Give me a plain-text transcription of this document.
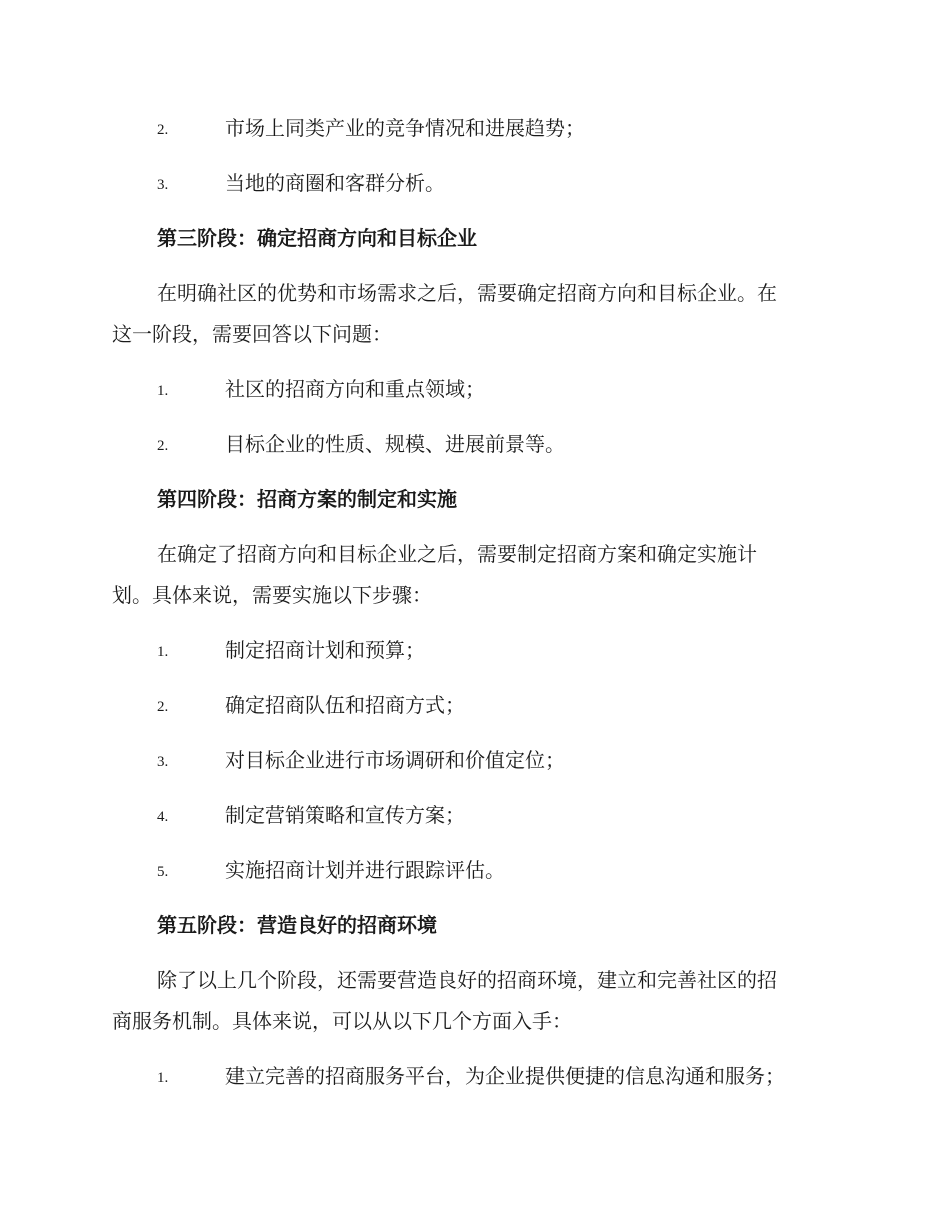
2.	市场上同类产业的竞争情况和进展趋势；
3.	当地的商圈和客群分析。
第三阶段：确定招商方向和目标企业
在明确社区的优势和市场需求之后，需要确定招商方向和目标企业。在
这一阶段，需要回答以下问题：
1.	社区的招商方向和重点领域；
2.	目标企业的性质、规模、进展前景等。
第四阶段：招商方案的制定和实施
在确定了招商方向和目标企业之后，需要制定招商方案和确定实施计
划。具体来说，需要实施以下步骤：
1.	制定招商计划和预算；
2.	确定招商队伍和招商方式；
3.	对目标企业进行市场调研和价值定位；
4.	制定营销策略和宣传方案；
5.	实施招商计划并进行跟踪评估。
第五阶段：营造良好的招商环境
除了以上几个阶段，还需要营造良好的招商环境，建立和完善社区的招
商服务机制。具体来说，可以从以下几个方面入手：
1.	建立完善的招商服务平台，为企业提供便捷的信息沟通和服务；
